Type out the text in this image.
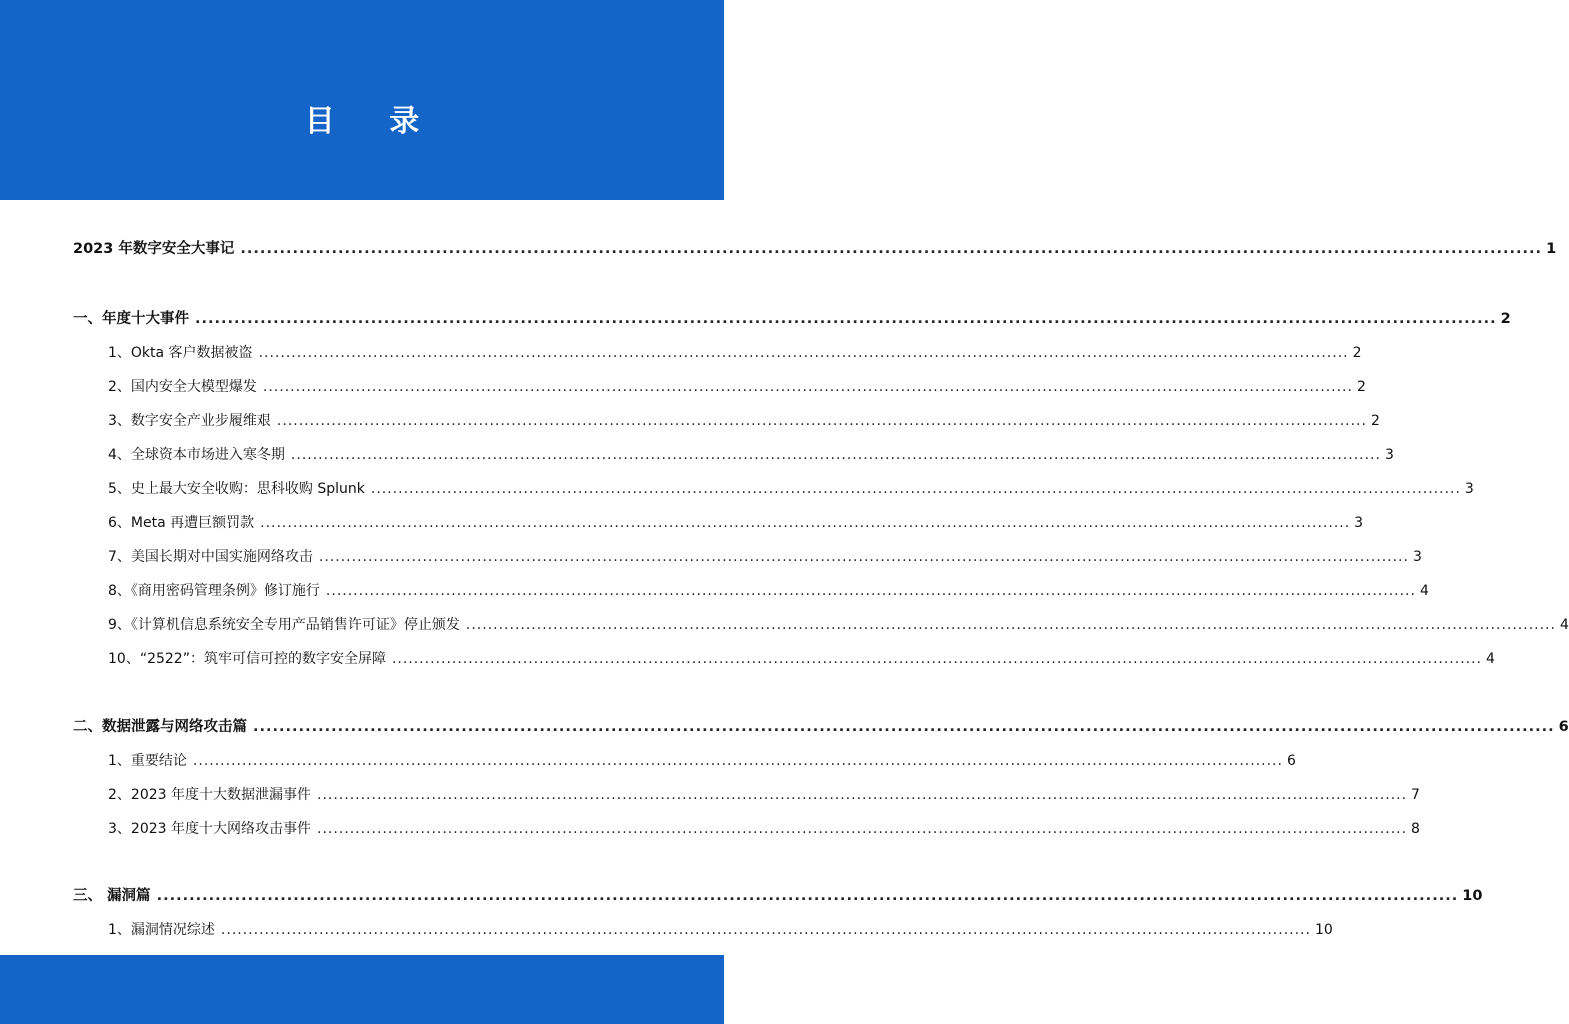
目 录
2023 年数字安全大事记 ........................................................................................................................................................................................................ 1
一、年度十大事件 ........................................................................................................................................................................................................ 2
1、Okta 客户数据被盗 ........................................................................................................................................................................................................ 2
2、国内安全大模型爆发 ........................................................................................................................................................................................................ 2
3、数字安全产业步履维艰 ........................................................................................................................................................................................................ 2
4、全球资本市场进入寒冬期 ........................................................................................................................................................................................................ 3
5、史上最大安全收购：思科收购 Splunk ........................................................................................................................................................................................................ 3
6、Meta 再遭巨额罚款 ........................................................................................................................................................................................................ 3
7、美国长期对中国实施网络攻击 ........................................................................................................................................................................................................ 3
8、《商用密码管理条例》修订施行 ........................................................................................................................................................................................................ 4
9、《计算机信息系统安全专用产品销售许可证》停止颁发 ........................................................................................................................................................................................................ 4
10、“2522”：筑牢可信可控的数字安全屏障 ........................................................................................................................................................................................................ 4
二、数据泄露与网络攻击篇 ........................................................................................................................................................................................................ 6
1、重要结论 ........................................................................................................................................................................................................ 6
2、2023 年度十大数据泄漏事件 ........................................................................................................................................................................................................ 7
3、2023 年度十大网络攻击事件 ........................................................................................................................................................................................................ 8
三、 漏洞篇 ........................................................................................................................................................................................................ 10
1、漏洞情况综述 ........................................................................................................................................................................................................ 10
